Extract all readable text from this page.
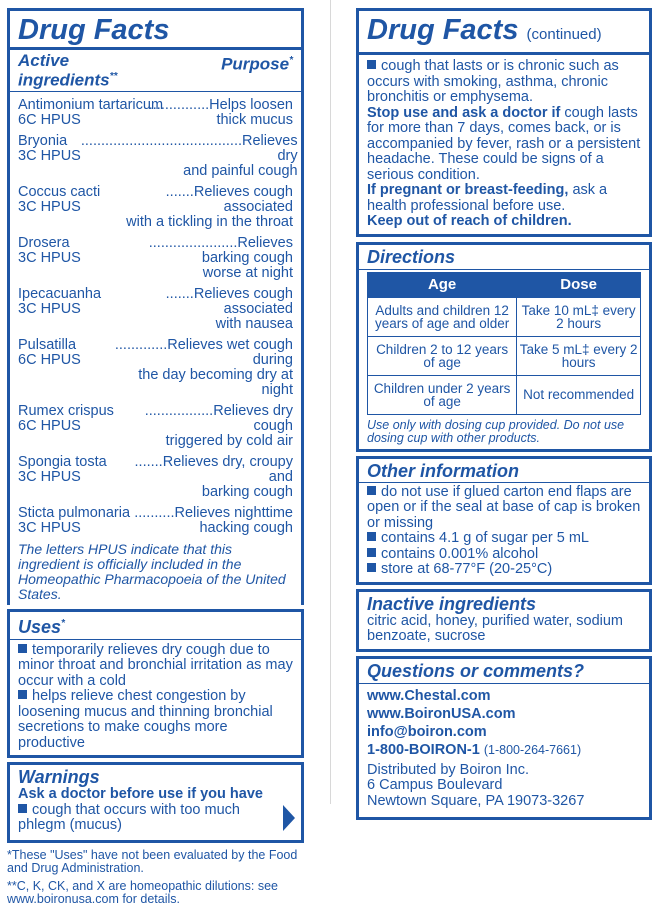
Drug Facts
Active
ingredients**
Purpose*
Antimonium tartaricum
6C HPUS
...............Helps loosen
thick mucus
Bryonia
3C HPUS
........................................Relieves dry
and painful cough
Coccus cacti
3C HPUS
.......Relieves cough associated
with a tickling in the throat
Drosera
3C HPUS
......................Relieves barking cough
worse at night
Ipecacuanha
3C HPUS
.......Relieves cough associated
with nausea
Pulsatilla
6C HPUS
.............Relieves wet cough during
the day becoming dry at night
Rumex crispus
6C HPUS
.................Relieves dry cough
triggered by cold air
Spongia tosta
3C HPUS
.......Relieves dry, croupy and
barking cough
Sticta pulmonaria
3C HPUS
..........Relieves nighttime
hacking cough
The letters HPUS indicate that this ingredient is officially included in the Homeopathic Pharmacopoeia of the United States.
Uses*
temporarily relieves dry cough due to minor throat and bronchial irritation as may occur with a cold
helps relieve chest congestion by loosening mucus and thinning bronchial secretions to make coughs more productive
Warnings
Ask a doctor before use if you have
cough that occurs with too much phlegm (mucus)
*These "Uses" have not been evaluated by the Food and Drug Administration.
**C, K, CK, and X are homeopathic dilutions: see www.boironusa.com for details.
Drug Facts (continued)
cough that lasts or is chronic such as occurs with smoking, asthma, chronic bronchitis or emphysema.
Stop use and ask a doctor if cough lasts for more than 7 days, comes back, or is accompanied by fever, rash or a persistent headache. These could be signs of a serious condition.
If pregnant or breast-feeding, ask a health professional before use.
Keep out of reach of children.
Directions
Age	Dose
Adults and children 12 years of age and older	Take 10 mL‡ every 2 hours
Children 2 to 12 years of age	Take 5 mL‡ every 2 hours
Children under 2 years of age	Not recommended
Use only with dosing cup provided. Do not use dosing cup with other products.
Other information
do not use if glued carton end flaps are open or if the seal at base of cap is broken or missing
contains 4.1 g of sugar per 5 mL
contains 0.001% alcohol
store at 68-77°F (20-25°C)
Inactive ingredients
citric acid, honey, purified water, sodium benzoate, sucrose
Questions or comments?
www.Chestal.com
www.BoironUSA.com
info@boiron.com
1-800-BOIRON-1 (1-800-264-7661)
Distributed by Boiron Inc.
6 Campus Boulevard
Newtown Square, PA 19073-3267
